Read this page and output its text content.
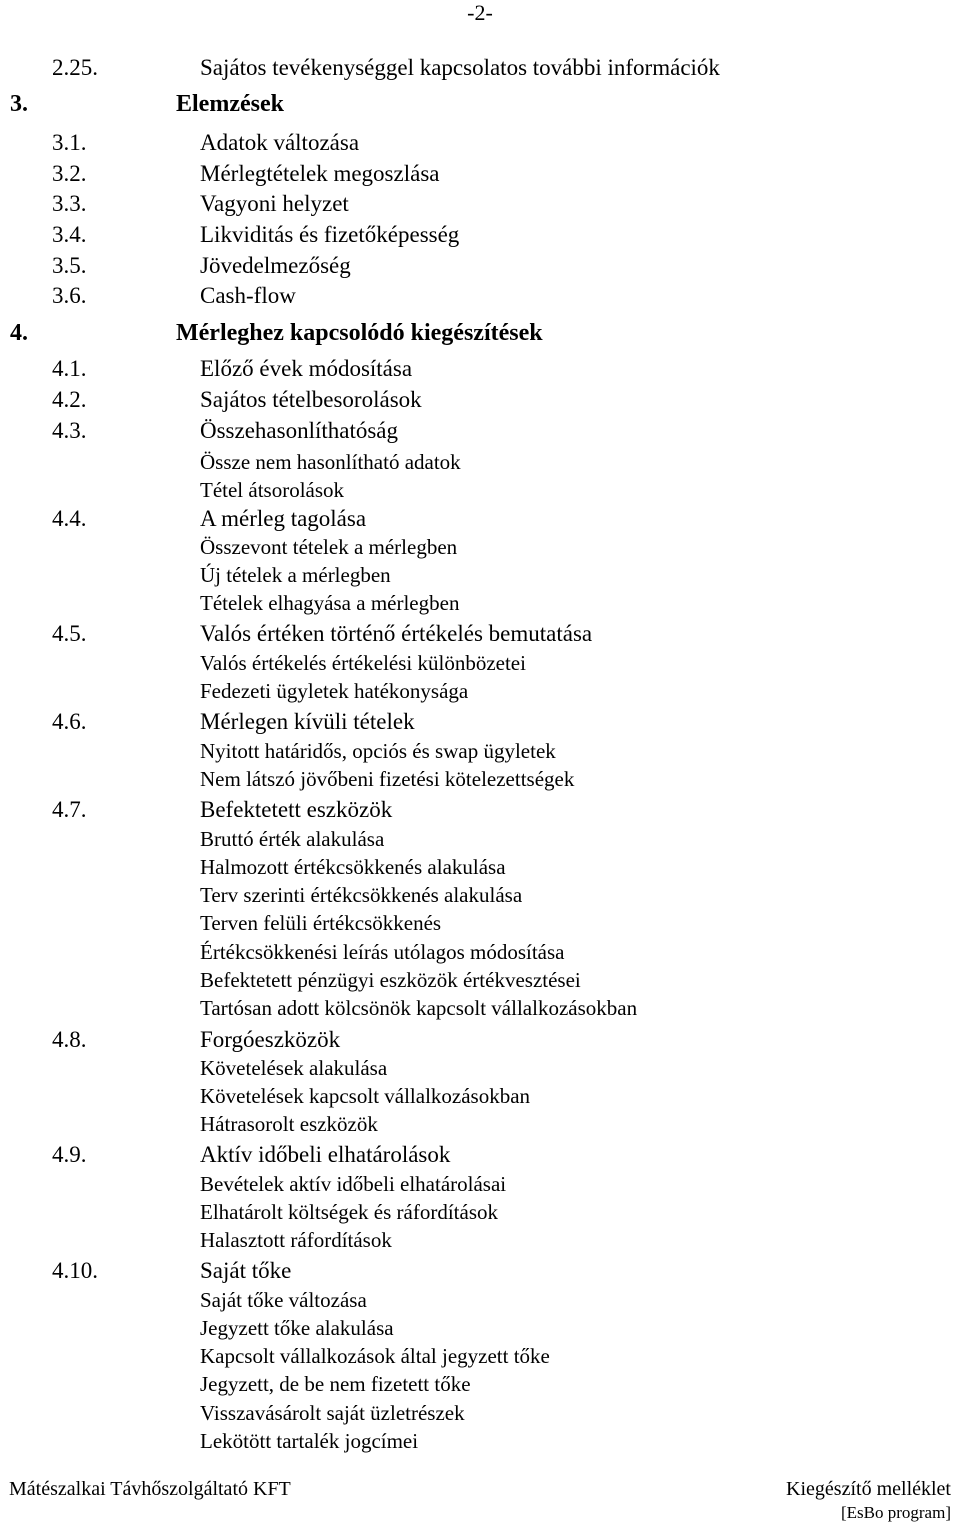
-2-
2.25.	Sajátos tevékenységgel kapcsolatos további információk
3.	Elemzések
3.1.	Adatok változása
3.2.	Mérlegtételek megoszlása
3.3.	Vagyoni helyzet
3.4.	Likviditás és fizetőképesség
3.5.	Jövedelmezőség
3.6.	Cash-flow
4.	Mérleghez kapcsolódó kiegészítések
4.1.	Előző évek módosítása
4.2.	Sajátos tételbesorolások
4.3.	Összehasonlíthatóság
Össze nem hasonlítható adatok
Tétel átsorolások
4.4.	A mérleg tagolása
Összevont tételek a mérlegben
Új tételek a mérlegben
Tételek elhagyása a mérlegben
4.5.	Valós értéken történő értékelés bemutatása
Valós értékelés értékelési különbözetei
Fedezeti ügyletek hatékonysága
4.6.	Mérlegen kívüli tételek
Nyitott határidős, opciós és swap ügyletek
Nem látszó jövőbeni fizetési kötelezettségek
4.7.	Befektetett eszközök
Bruttó érték alakulása
Halmozott értékcsökkenés alakulása
Terv szerinti értékcsökkenés alakulása
Terven felüli értékcsökkenés
Értékcsökkenési leírás utólagos módosítása
Befektetett pénzügyi eszközök értékvesztései
Tartósan adott kölcsönök kapcsolt vállalkozásokban
4.8.	Forgóeszközök
Követelések alakulása
Követelések kapcsolt vállalkozásokban
Hátrasorolt eszközök
4.9.	Aktív időbeli elhatárolások
Bevételek aktív időbeli elhatárolásai
Elhatárolt költségek és ráfordítások
Halasztott ráfordítások
4.10.	Saját tőke
Saját tőke változása
Jegyzett tőke alakulása
Kapcsolt vállalkozások által jegyzett tőke
Jegyzett, de be nem fizetett tőke
Visszavásárolt saját üzletrészek
Lekötött tartalék jogcímei
Mátészalkai Távhőszolgáltató KFT	Kiegészítő melléklet
[EsBo program]
